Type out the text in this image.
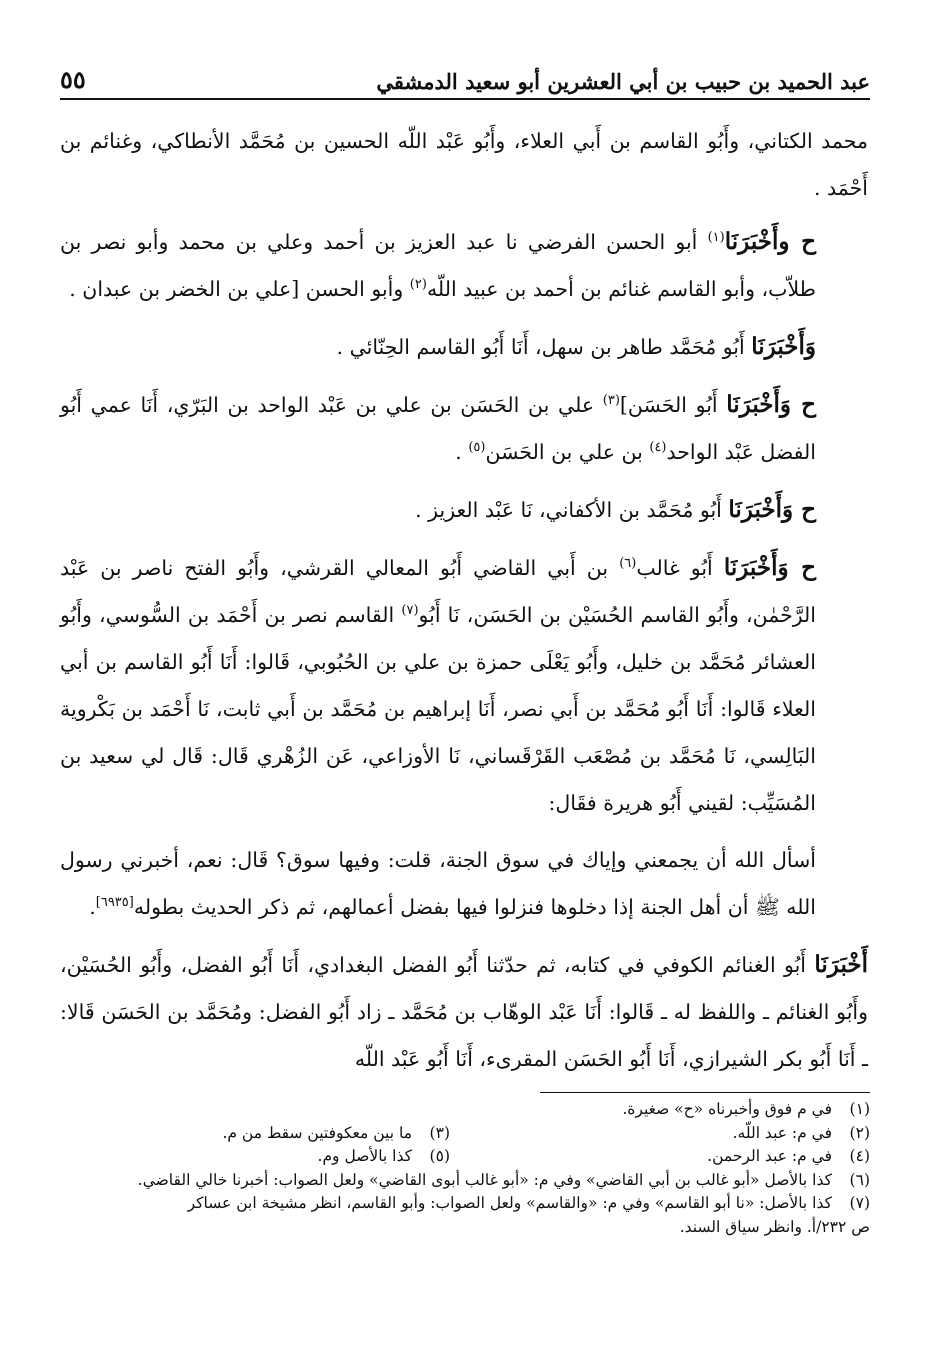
عبد الحميد بن حبيب بن أبي العشرين أبو سعيد الدمشقي
٥٥

محمد الكتاني، وأَبُو القاسم بن أَبي العلاء، وأَبُو عَبْد اللّه الحسين بن مُحَمَّد الأنطاكي، وغنائم بن أَحْمَد .

ح وأَخْبَرَنَا$^{(١)}$ أبو الحسن الفرضي نا عبد العزيز بن أحمد وعلي بن محمد وأبو نصر بن طلاّب، وأبو القاسم غنائم بن أحمد بن عبيد اللّه$^{(٢)}$ وأبو الحسن [علي بن الخضر بن عبدان .

وَأَخْبَرَنَا أَبُو مُحَمَّد طاهر بن سهل، أَنَا أَبُو القاسم الحِنّائي .

ح وَأَخْبَرَنَا أَبُو الحَسَن]$^{(٣)}$ علي بن الحَسَن بن علي بن عَبْد الواحد بن البَرّي، أَنَا عمي أَبُو الفضل عَبْد الواحد$^{(٤)}$ بن علي بن الحَسَن$^{(٥)}$ .

ح وَأَخْبَرَنَا أَبُو مُحَمَّد بن الأكفاني، نَا عَبْد العزيز .

ح وَأَخْبَرَنَا أَبُو غالب$^{(٦)}$ بن أَبي القاضي أَبُو المعالي القرشي، وأَبُو الفتح ناصر بن عَبْد الرَّحْمٰن، وأَبُو القاسم الحُسَيْن بن الحَسَن، نَا أَبُو$^{(٧)}$ القاسم نصر بن أَحْمَد بن السُّوسي، وأَبُو العشائر مُحَمَّد بن خليل، وأَبُو يَعْلَى حمزة بن علي بن الحُبُوبي، قَالوا: أَنَا أَبُو القاسم بن أبي العلاء قَالوا: أَنَا أَبُو مُحَمَّد بن أَبي نصر، أَنَا إبراهيم بن مُحَمَّد بن أَبي ثابت، نَا أَحْمَد بن بَكْروية البَالِسي، نَا مُحَمَّد بن مُصْعَب القَرْقَساني، نَا الأوزاعي، عَن الزُهْري قَال: قَال لي سعيد بن المُسَيِّب: لقيني أَبُو هريرة فقَال:

أسأل الله أن يجمعني وإياك في سوق الجنة، قلت: وفيها سوق؟ قَال: نعم، أخبرني رسول الله ﷺ أن أهل الجنة إذا دخلوها فنزلوا فيها بفضل أعمالهم، ثم ذكر الحديث بطوله[٦٩٣٥].

أَخْبَرَنَا أَبُو الغنائم الكوفي في كتابه، ثم حدّثنا أَبُو الفضل البغدادي، أَنَا أَبُو الفضل، وأَبُو الحُسَيْن، وأَبُو الغنائم ـ واللفظ له ـ قَالوا: أَنَا عَبْد الوهّاب بن مُحَمَّد ـ زاد أَبُو الفضل: ومُحَمَّد بن الحَسَن قَالا: ـ أَنَا أَبُو بكر الشيرازي، أَنَا أَبُو الحَسَن المقرىء، أَنَا أَبُو عَبْد اللّه

(١)
في م فوق وأخبرناه «ح» صغيرة.
(٢)
في م: عبد اللّه.
(٣)
ما بين معكوفتين سقط من م.
(٤)
في م: عبد الرحمن.
(٥)
كذا بالأصل وم.
(٦)
كذا بالأصل «أبو غالب بن أبي القاضي» وفي م: «أبو غالب أبوى القاضي» ولعل الصواب: أخبرنا خالي القاضي.
(٧)
كذا بالأصل: «نا أبو القاسم» وفي م: «والقاسم» ولعل الصواب: وأبو القاسم، انظر مشيخة ابن عساكر
ص ٢٣٢/أ. وانظر سياق السند.
